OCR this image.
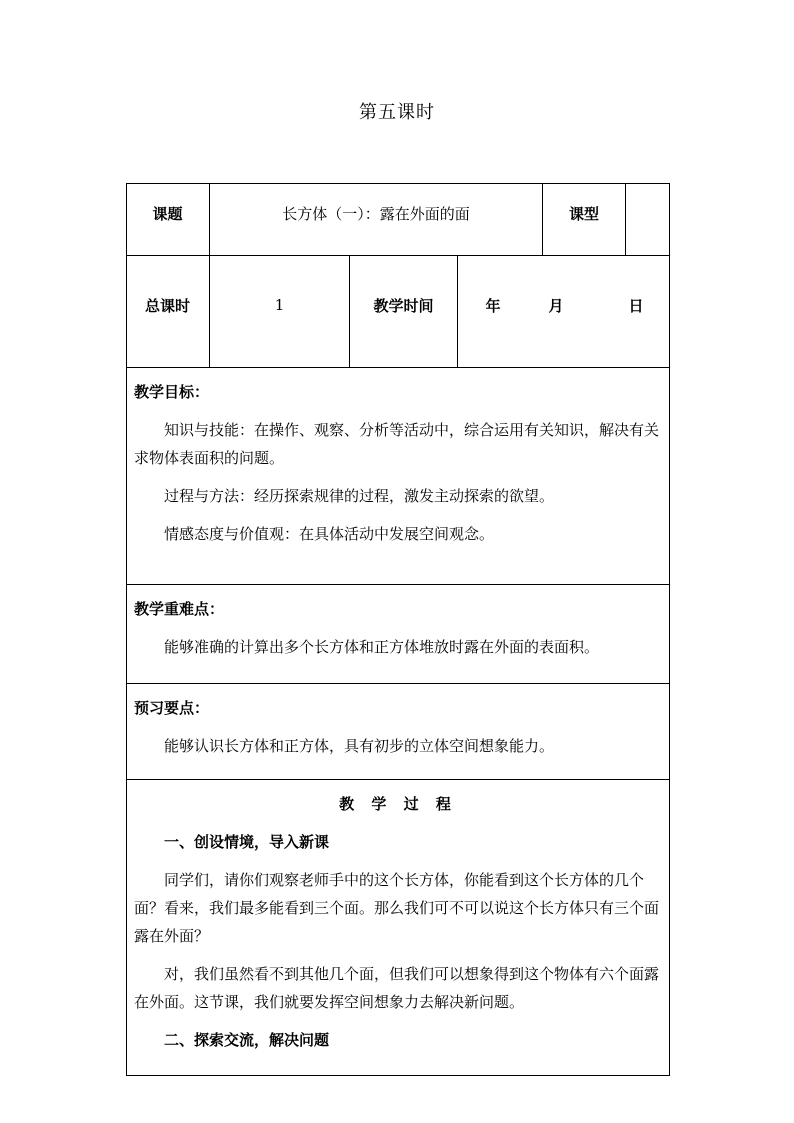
第五课时
课题	长方体（一）：露在外面的面	课型
总课时	1	教学时间	年	月	日
教学目标：

知识与技能：在操作、观察、分析等活动中，综合运用有关知识，解决有关求物体表面积的问题。

过程与方法：经历探索规律的过程，激发主动探索的欲望。

情感态度与价值观：在具体活动中发展空间观念。

教学重难点：

能够准确的计算出多个长方体和正方体堆放时露在外面的表面积。

预习要点：

能够认识长方体和正方体，具有初步的立体空间想象能力。

教 学 过 程
一、创设情境，导入新课

同学们，请你们观察老师手中的这个长方体，你能看到这个长方体的几个面？看来，我们最多能看到三个面。那么我们可不可以说这个长方体只有三个面露在外面？

对，我们虽然看不到其他几个面，但我们可以想象得到这个物体有六个面露在外面。这节课，我们就要发挥空间想象力去解决新问题。

二、探索交流，解决问题
